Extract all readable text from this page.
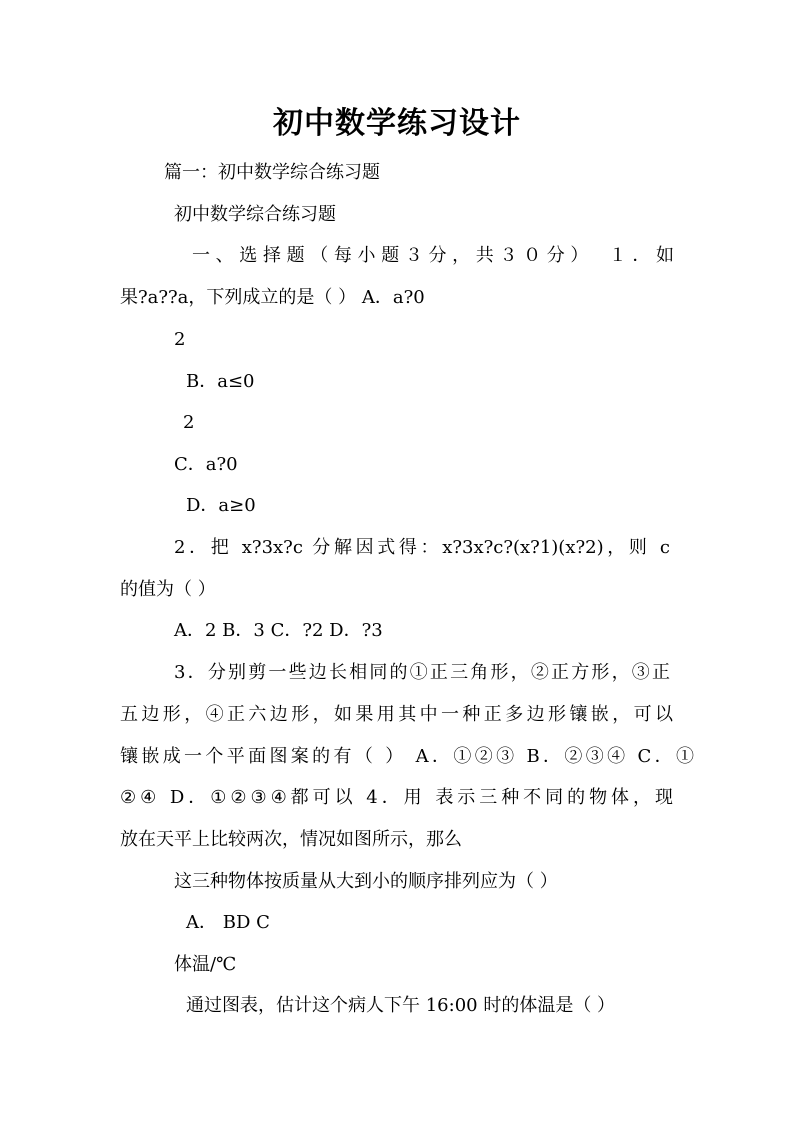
初中数学练习设计
篇一：初中数学综合练习题
初中数学综合练习题
一、选择题（每小题３分，共３０分）　１．如
果?a??a，下列成立的是（ ） A．a?0
2
B．a≤0
2
C．a?0
D．a≥0
2．把 x?3x?c 分解因式得：x?3x?c?(x?1)(x?2)，则 c
的值为（ ）
A．2 B．3 C．?2 D．?3
3．分别剪一些边长相同的①正三角形，②正方形，③正
五边形，④正六边形，如果用其中一种正多边形镶嵌，可以
镶嵌成一个平面图案的有（ ） A．①②③ B．②③④ C．①
②④ D．①②③④都可以 4．用 表示三种不同的物体，现
放在天平上比较两次，情况如图所示，那么
这三种物体按质量从大到小的顺序排列应为（ ）
A． BD C
体温/℃
通过图表，估计这个病人下午 16:00 时的体温是（ ）
